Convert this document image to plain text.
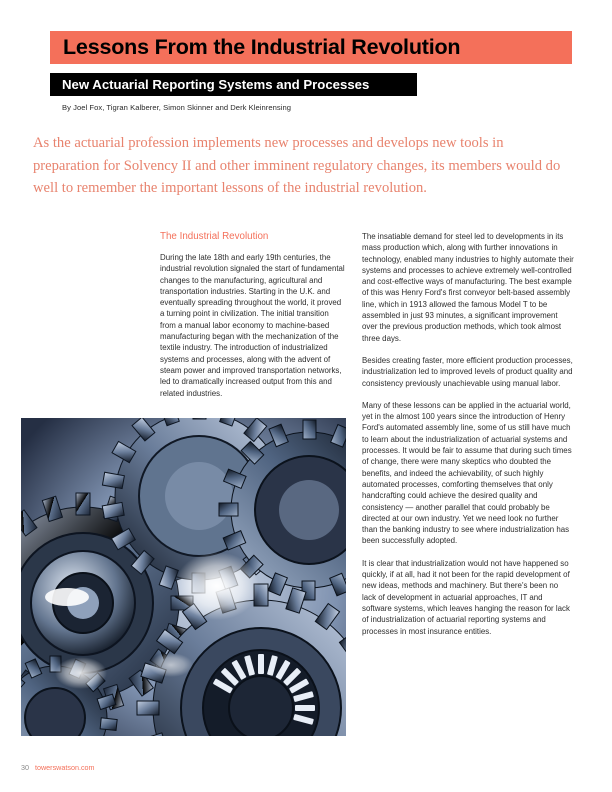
Lessons From the Industrial Revolution
New Actuarial Reporting Systems and Processes
By Joel Fox, Tigran Kalberer, Simon Skinner and Derk Kleinrensing

As the actuarial profession implements new processes and develops new tools in preparation for Solvency II and other imminent regulatory changes, its members would do well to remember the important lessons of the industrial revolution.

The Industrial Revolution

During the late 18th and early 19th centuries, the industrial revolution signaled the start of fundamental changes to the manufacturing, agricultural and transportation industries. Starting in the U.K. and eventually spreading throughout the world, it proved a turning point in civilization. The initial transition from a manual labor economy to machine-based manufacturing began with the mechanization of the textile industry. The introduction of industrialized systems and processes, along with the advent of steam power and improved transportation networks, led to dramatically increased output from this and related industries.

The insatiable demand for steel led to developments in its mass production which, along with further innovations in technology, enabled many industries to highly automate their systems and processes to achieve extremely well-controlled and cost-effective ways of manufacturing. The best example of this was Henry Ford's first conveyor belt-based assembly line, which in 1913 allowed the famous Model T to be assembled in just 93 minutes, a significant improvement over the previous production methods, which took almost three days.

Besides creating faster, more efficient production processes, industrialization led to improved levels of product quality and consistency previously unachievable using manual labor.

Many of these lessons can be applied in the actuarial world, yet in the almost 100 years since the introduction of Henry Ford's automated assembly line, some of us still have much to learn about the industrialization of actuarial systems and processes. It would be fair to assume that during such times of change, there were many skeptics who doubted the benefits, and indeed the achievability, of such highly automated processes, comforting themselves that only handcrafting could achieve the desired quality and consistency — another parallel that could probably be directed at our own industry. Yet we need look no further than the banking industry to see where industrialization has been successfully adopted.

It is clear that industrialization would not have happened so quickly, if at all, had it not been for the rapid development of new ideas, methods and machinery. But there's been no lack of development in actuarial approaches, IT and software systems, which leaves hanging the reason for lack of industrialization of actuarial reporting systems and processes in most insurance entities.

30 towerswatson.com
